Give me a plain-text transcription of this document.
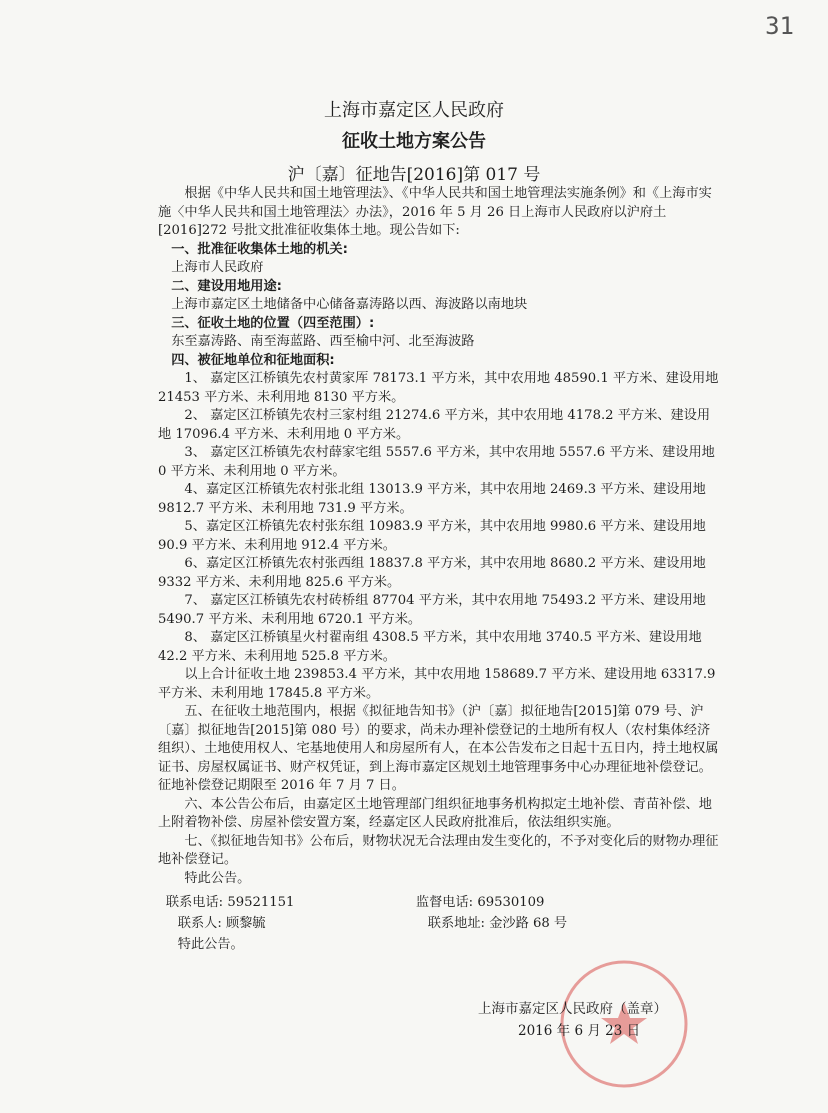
31
上海市嘉定区人民政府
征收土地方案公告
沪〔嘉〕征地告[2016]第 017 号

根据《中华人民共和国土地管理法》、《中华人民共和国土地管理法实施条例》和《上海市实施〈中华人民共和国土地管理法〉办法》，2016 年 5 月 26 日上海市人民政府以沪府土[2016]272 号批文批准征收集体土地。现公告如下:

一、批准征收集体土地的机关:

上海市人民政府

二、建设用地用途:

上海市嘉定区土地储备中心储备嘉涛路以西、海波路以南地块

三、征收土地的位置（四至范围）:

东至嘉涛路、南至海蓝路、西至榆中河、北至海波路

四、被征地单位和征地面积:

1、 嘉定区江桥镇先农村黄家厍 78173.1 平方米，其中农用地 48590.1 平方米、建设用地 21453 平方米、未利用地 8130 平方米。

2、 嘉定区江桥镇先农村三家村组 21274.6 平方米，其中农用地 4178.2 平方米、建设用地 17096.4 平方米、未利用地 0 平方米。

3、 嘉定区江桥镇先农村薛家宅组 5557.6 平方米，其中农用地 5557.6 平方米、建设用地 0 平方米、未利用地 0 平方米。

4、嘉定区江桥镇先农村张北组 13013.9 平方米，其中农用地 2469.3 平方米、建设用地 9812.7 平方米、未利用地 731.9 平方米。

5、嘉定区江桥镇先农村张东组 10983.9 平方米，其中农用地 9980.6 平方米、建设用地 90.9 平方米、未利用地 912.4 平方米。

6、嘉定区江桥镇先农村张西组 18837.8 平方米，其中农用地 8680.2 平方米、建设用地 9332 平方米、未利用地 825.6 平方米。

7、 嘉定区江桥镇先农村砖桥组 87704 平方米，其中农用地 75493.2 平方米、建设用地 5490.7 平方米、未利用地 6720.1 平方米。

8、 嘉定区江桥镇星火村翟南组 4308.5 平方米，其中农用地 3740.5 平方米、建设用地 42.2 平方米、未利用地 525.8 平方米。

以上合计征收土地 239853.4 平方米，其中农用地 158689.7 平方米、建设用地 63317.9 平方米、未利用地 17845.8 平方米。

五、在征收土地范围内，根据《拟征地告知书》（沪〔嘉〕拟征地告[2015]第 079 号、沪〔嘉〕拟征地告[2015]第 080 号）的要求，尚未办理补偿登记的土地所有权人（农村集体经济组织）、土地使用权人、宅基地使用人和房屋所有人，在本公告发布之日起十五日内，持土地权属证书、房屋权属证书、财产权凭证，到上海市嘉定区规划土地管理事务中心办理征地补偿登记。征地补偿登记期限至 2016 年 7 月 7 日。

六、本公告公布后，由嘉定区土地管理部门组织征地事务机构拟定土地补偿、青苗补偿、地上附着物补偿、房屋补偿安置方案，经嘉定区人民政府批准后，依法组织实施。

七、《拟征地告知书》公布后，财物状况无合法理由发生变化的，不予对变化后的财物办理征地补偿登记。

特此公告。

联系电话: 59521151	监督电话: 69530109
联系人: 顾黎毓	联系地址: 金沙路 68 号
特此公告。
上海市嘉定区人民政府（盖章）
2016 年 6 月 23 日
